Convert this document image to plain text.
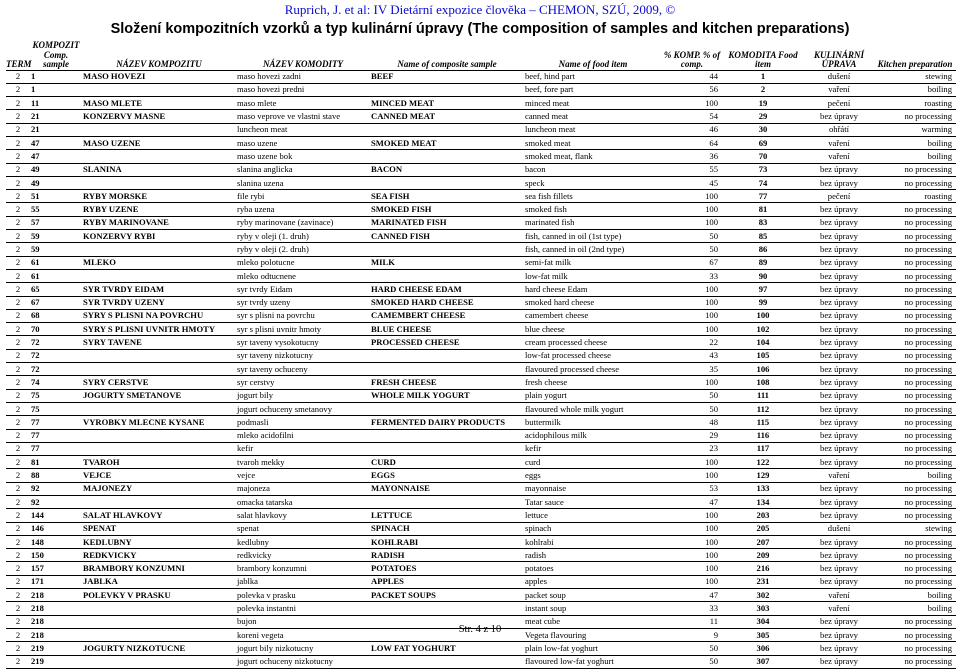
Ruprich, J. et al: IV Dietární expozice člověka – CHEMON, SZÚ, 2009, ©
Složení kompozitních vzorků a typ kulinární úpravy (The composition of samples and kitchen preparations)
TERM	KOMPOZIT Comp. sample	NÁZEV KOMPOZITU	NÁZEV KOMODITY	Name of composite sample	Name of food item	% KOMP. % of comp.	KOMODITA Food item	KULINÁRNÍ ÚPRAVA	Kitchen preparation
2	1	MASO HOVEZI	maso hovezi zadni	BEEF	beef, hind part	44	1	dušení	stewing
2	1		maso hovezi predni		beef, fore part	56	2	vaření	boiling
2	11	MASO MLETE	maso mlete	MINCED MEAT	minced meat	100	19	pečení	roasting
2	21	KONZERVY MASNE	maso veprove ve vlastni stave	CANNED MEAT	canned meat	54	29	bez úpravy	no processing
2	21		luncheon meat		luncheon meat	46	30	ohřátí	warming
2	47	MASO UZENE	maso uzene	SMOKED MEAT	smoked meat	64	69	vaření	boiling
2	47		maso uzene bok		smoked meat, flank	36	70	vaření	boiling
2	49	SLANINA	slanina anglicka	BACON	bacon	55	73	bez úpravy	no processing
2	49		slanina uzena		speck	45	74	bez úpravy	no processing
2	51	RYBY MORSKE	file rybi	SEA FISH	sea fish fillets	100	77	pečení	roasting
2	55	RYBY UZENE	ryba uzena	SMOKED FISH	smoked fish	100	81	bez úpravy	no processing
2	57	RYBY MARINOVANE	ryby marinovane (zavinace)	MARINATED FISH	marinated fish	100	83	bez úpravy	no processing
2	59	KONZERVY RYBI	ryby v oleji (1. druh)	CANNED FISH	fish, canned in oil (1st type)	50	85	bez úpravy	no processing
2	59		ryby v oleji (2. druh)		fish, canned in oil (2nd type)	50	86	bez úpravy	no processing
2	61	MLEKO	mleko polotucne	MILK	semi-fat milk	67	89	bez úpravy	no processing
2	61		mleko odtucnene		low-fat milk	33	90	bez úpravy	no processing
2	65	SYR TVRDY EIDAM	syr tvrdy Eidam	HARD CHEESE EDAM	hard cheese Edam	100	97	bez úpravy	no processing
2	67	SYR TVRDY UZENY	syr tvrdy uzeny	SMOKED HARD CHEESE	smoked hard cheese	100	99	bez úpravy	no processing
2	68	SYRY S PLISNI NA POVRCHU	syr s plisni na povrchu	CAMEMBERT CHEESE	camembert cheese	100	100	bez úpravy	no processing
2	70	SYRY S PLISNI UVNITR HMOTY	syr s plisni uvnitr hmoty	BLUE CHEESE	blue cheese	100	102	bez úpravy	no processing
2	72	SYRY TAVENE	syr taveny vysokotucny	PROCESSED CHEESE	cream processed cheese	22	104	bez úpravy	no processing
2	72		syr taveny nizkotucny		low-fat processed cheese	43	105	bez úpravy	no processing
2	72		syr taveny ochuceny		flavoured processed cheese	35	106	bez úpravy	no processing
2	74	SYRY CERSTVE	syr cerstvy	FRESH CHEESE	fresh cheese	100	108	bez úpravy	no processing
2	75	JOGURTY SMETANOVE	jogurt bily	WHOLE MILK YOGURT	plain yogurt	50	111	bez úpravy	no processing
2	75		jogurt ochuceny smetanovy		flavoured whole milk yogurt	50	112	bez úpravy	no processing
2	77	VYROBKY MLECNE KYSANE	podmasli	FERMENTED DAIRY PRODUCTS	buttermilk	48	115	bez úpravy	no processing
2	77		mleko acidofilni		acidophilous milk	29	116	bez úpravy	no processing
2	77		kefir		kefir	23	117	bez úpravy	no processing
2	81	TVAROH	tvaroh mekky	CURD	curd	100	122	bez úpravy	no processing
2	88	VEJCE	vejce	EGGS	eggs	100	129	vaření	boiling
2	92	MAJONEZY	majoneza	MAYONNAISE	mayonnaise	53	133	bez úpravy	no processing
2	92		omacka tatarska		Tatar sauce	47	134	bez úpravy	no processing
2	144	SALAT HLAVKOVY	salat hlavkovy	LETTUCE	lettuce	100	203	bez úpravy	no processing
2	146	SPENAT	spenat	SPINACH	spinach	100	205	dušení	stewing
2	148	KEDLUBNY	kedlubny	KOHLRABI	kohlrabi	100	207	bez úpravy	no processing
2	150	REDKVICKY	redkvicky	RADISH	radish	100	209	bez úpravy	no processing
2	157	BRAMBORY KONZUMNI	brambory konzumni	POTATOES	potatoes	100	216	bez úpravy	no processing
2	171	JABLKA	jablka	APPLES	apples	100	231	bez úpravy	no processing
2	218	POLEVKY V PRASKU	polevka v prasku	PACKET SOUPS	packet soup	47	302	vaření	boiling
2	218		polevka instantni		instant soup	33	303	vaření	boiling
2	218		bujon		meat cube	11	304	bez úpravy	no processing
2	218		koreni vegeta		Vegeta flavouring	9	305	bez úpravy	no processing
2	219	JOGURTY NIZKOTUCNE	jogurt bily nizkotucny	LOW FAT YOGHURT	plain low-fat yoghurt	50	306	bez úpravy	no processing
2	219		jogurt ochuceny nizkotucny		flavoured low-fat yoghurt	50	307	bez úpravy	no processing
Str. 4 z 10
